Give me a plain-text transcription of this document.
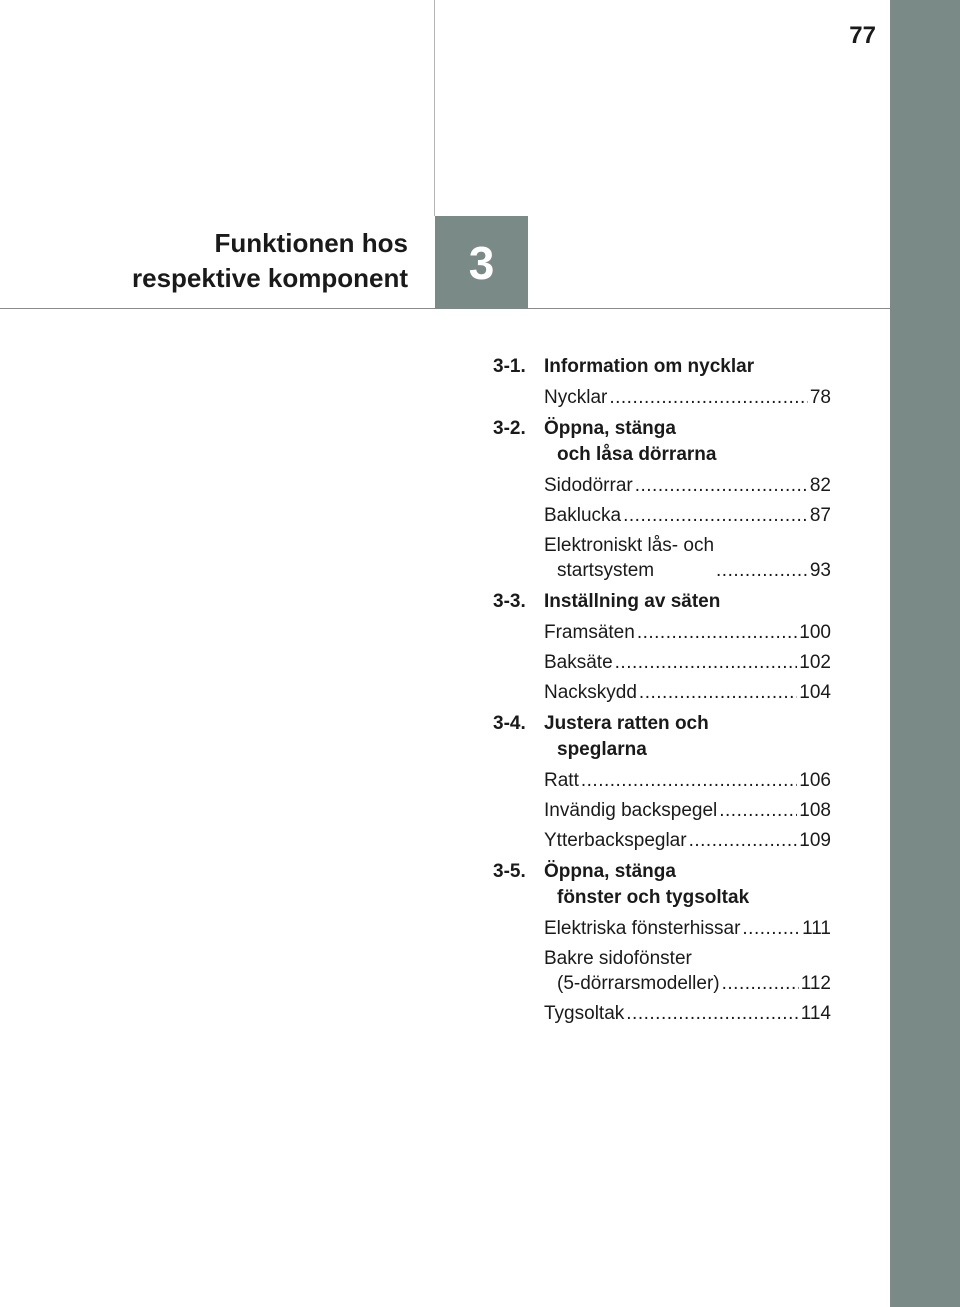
77
Funktionen hos
respektive komponent	3
3-1. Information om nycklar
Nycklar .....	78
3-2. Öppna, stänga
och låsa dörrarna
Sidodörrar .....	82
Baklucka .....	87
Elektroniskt lås- och
startsystem .....	93
3-3. Inställning av säten
Framsäten .....	100
Baksäte .....	102
Nackskydd .....	104
3-4. Justera ratten och
speglarna
Ratt .....	106
Invändig backspegel .....	108
Ytterbackspeglar .....	109
3-5. Öppna, stänga
fönster och tygsoltak
Elektriska fönsterhissar .....	111
Bakre sidofönster
(5-dörrarsmodeller) .....	112
Tygsoltak .....	114
